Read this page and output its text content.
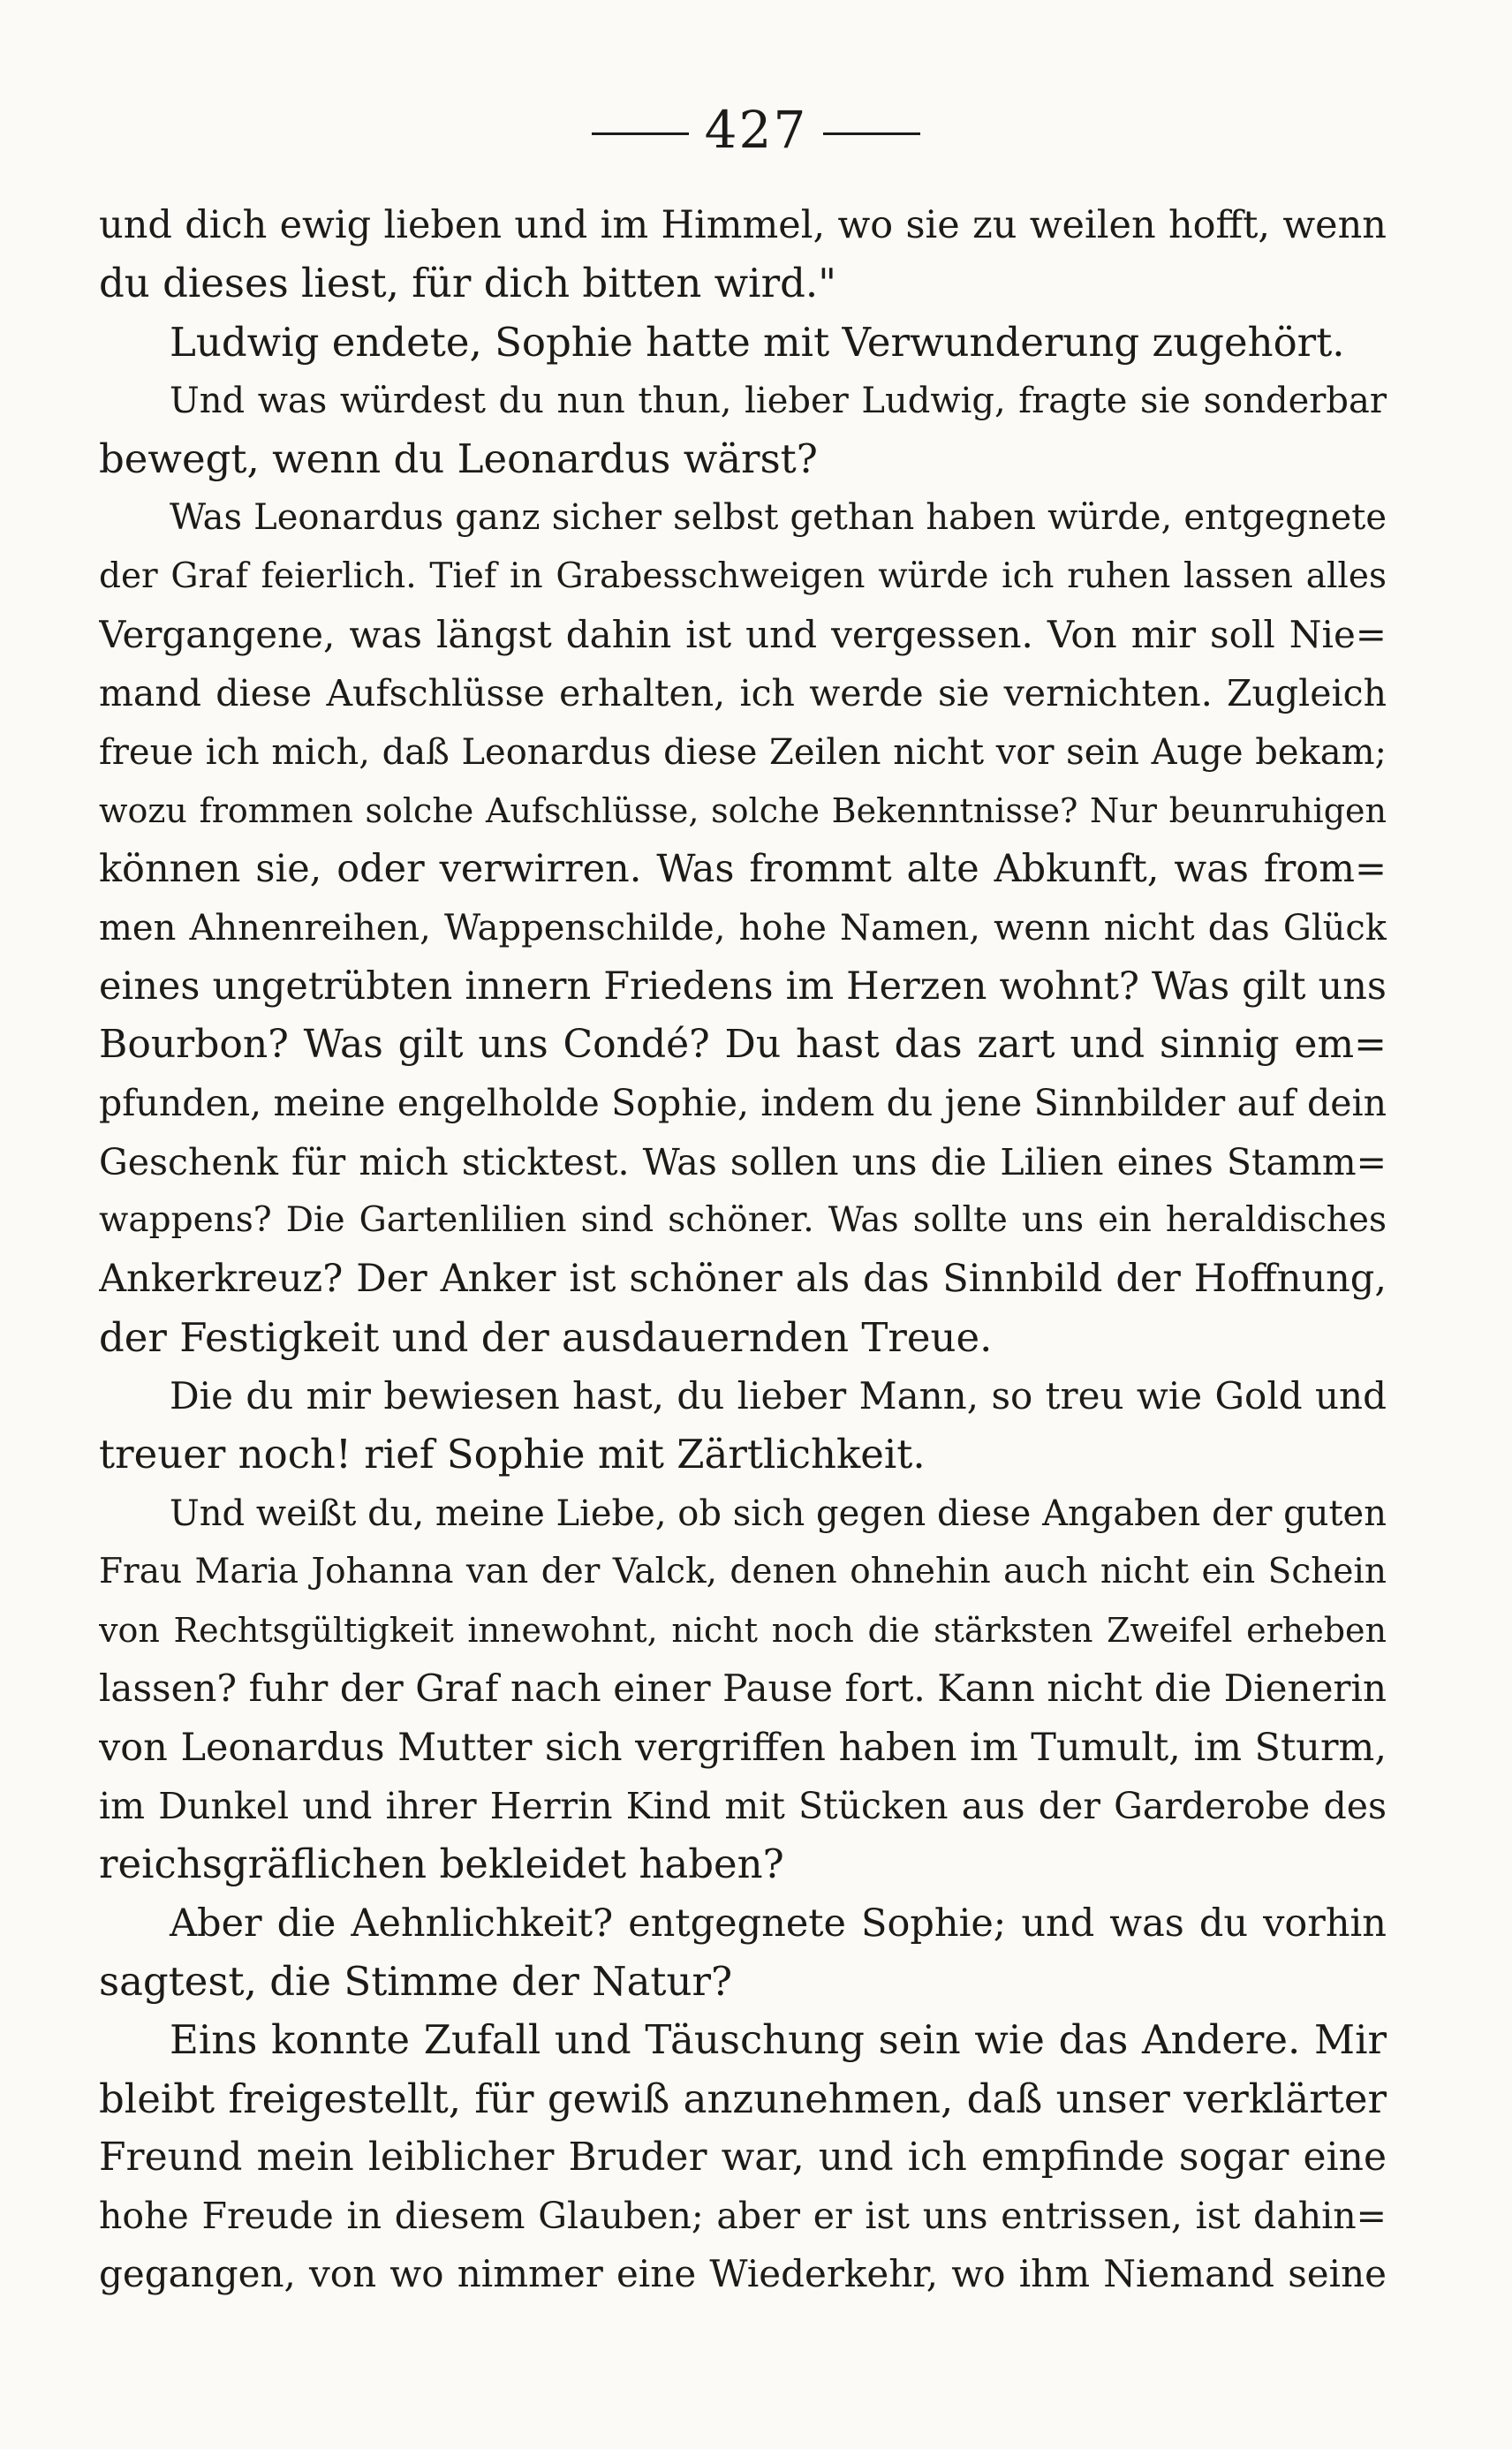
427
und dich ewig lieben und im Himmel, wo sie zu weilen hofft, wenn
du dieses liest, für dich bitten wird."
Ludwig endete, Sophie hatte mit Verwunderung zugehört.
Und was würdest du nun thun, lieber Ludwig, fragte sie sonderbar
bewegt, wenn du Leonardus wärst?
Was Leonardus ganz sicher selbst gethan haben würde, entgegnete
der Graf feierlich. Tief in Grabesschweigen würde ich ruhen lassen alles
Vergangene, was längst dahin ist und vergessen. Von mir soll Nie=
mand diese Aufschlüsse erhalten, ich werde sie vernichten. Zugleich
freue ich mich, daß Leonardus diese Zeilen nicht vor sein Auge bekam;
wozu frommen solche Aufschlüsse, solche Bekenntnisse? Nur beunruhigen
können sie, oder verwirren. Was frommt alte Abkunft, was from=
men Ahnenreihen, Wappenschilde, hohe Namen, wenn nicht das Glück
eines ungetrübten innern Friedens im Herzen wohnt? Was gilt uns
Bourbon? Was gilt uns Condé? Du hast das zart und sinnig em=
pfunden, meine engelholde Sophie, indem du jene Sinnbilder auf dein
Geschenk für mich sticktest. Was sollen uns die Lilien eines Stamm=
wappens? Die Gartenlilien sind schöner. Was sollte uns ein heraldisches
Ankerkreuz? Der Anker ist schöner als das Sinnbild der Hoffnung,
der Festigkeit und der ausdauernden Treue.
Die du mir bewiesen hast, du lieber Mann, so treu wie Gold und
treuer noch! rief Sophie mit Zärtlichkeit.
Und weißt du, meine Liebe, ob sich gegen diese Angaben der guten
Frau Maria Johanna van der Valck, denen ohnehin auch nicht ein Schein
von Rechtsgültigkeit innewohnt, nicht noch die stärksten Zweifel erheben
lassen? fuhr der Graf nach einer Pause fort. Kann nicht die Dienerin
von Leonardus Mutter sich vergriffen haben im Tumult, im Sturm,
im Dunkel und ihrer Herrin Kind mit Stücken aus der Garderobe des
reichsgräflichen bekleidet haben?
Aber die Aehnlichkeit? entgegnete Sophie; und was du vorhin
sagtest, die Stimme der Natur?
Eins konnte Zufall und Täuschung sein wie das Andere. Mir
bleibt freigestellt, für gewiß anzunehmen, daß unser verklärter
Freund mein leiblicher Bruder war, und ich empfinde sogar eine
hohe Freude in diesem Glauben; aber er ist uns entrissen, ist dahin=
gegangen, von wo nimmer eine Wiederkehr, wo ihm Niemand seine
